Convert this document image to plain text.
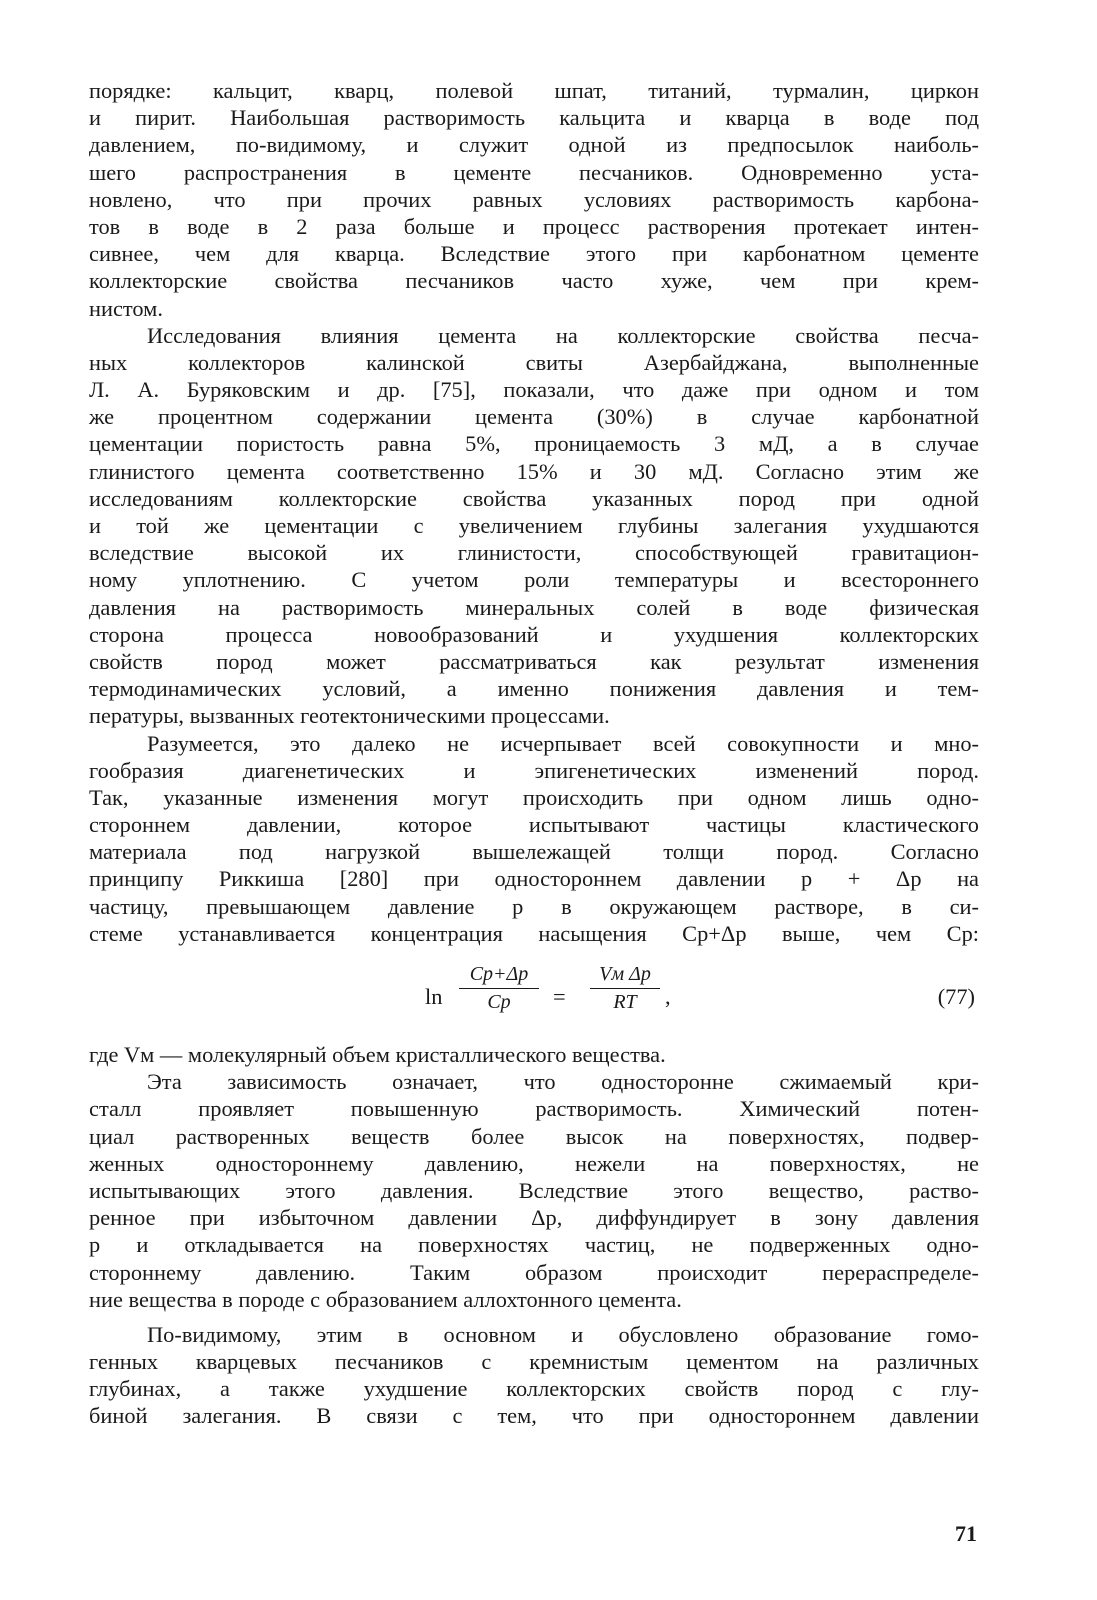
порядке: кальцит, кварц, полевой шпат, титаний, турмалин, циркон
и пирит. Наибольшая растворимость кальцита и кварца в воде под
давлением, по-видимому, и служит одной из предпосылок наиболь-
шего распространения в цементе песчаников. Одновременно уста-
новлено, что при прочих равных условиях растворимость карбона-
тов в воде в 2 раза больше и процесс растворения протекает интен-
сивнее, чем для кварца. Вследствие этого при карбонатном цементе
коллекторские свойства песчаников часто хуже, чем при крем-
нистом.
Исследования влияния цемента на коллекторские свойства песча-
ных коллекторов калинской свиты Азербайджана, выполненные
Л. А. Буряковским и др. [75], показали, что даже при одном и том
же процентном содержании цемента (30%) в случае карбонатной
цементации пористость равна 5%, проницаемость 3 мД, а в случае
глинистого цемента соответственно 15% и 30 мД. Согласно этим же
исследованиям коллекторские свойства указанных пород при одной
и той же цементации с увеличением глубины залегания ухудшаются
вследствие высокой их глинистости, способствующей гравитацион-
ному уплотнению. С учетом роли температуры и всестороннего
давления на растворимость минеральных солей в воде физическая
сторона процесса новообразований и ухудшения коллекторских
свойств пород может рассматриваться как результат изменения
термодинамических условий, а именно понижения давления и тем-
пературы, вызванных геотектоническими процессами.
Разумеется, это далеко не исчерпывает всей совокупности и мно-
гообразия диагенетических и эпигенетических изменений пород.
Так, указанные изменения могут происходить при одном лишь одно-
стороннем давлении, которое испытывают частицы кластического
материала под нагрузкой вышележащей толщи пород. Согласно
принципу Риккиша [280] при одностороннем давлении p + Δp на
частицу, превышающем давление p в окружающем растворе, в си-
стеме устанавливается концентрация насыщения Cp+Δp выше, чем Cp:
ln
Cp+Δp
Cp	=
Vм Δp
RT	,	(77)
где Vм — молекулярный объем кристаллического вещества.
Эта зависимость означает, что односторонне сжимаемый кри-
сталл проявляет повышенную растворимость. Химический потен-
циал растворенных веществ более высок на поверхностях, подвер-
женных одностороннему давлению, нежели на поверхностях, не
испытывающих этого давления. Вследствие этого вещество, раство-
ренное при избыточном давлении Δp, диффундирует в зону давления
p и откладывается на поверхностях частиц, не подверженных одно-
стороннему давлению. Таким образом происходит перераспределе-
ние вещества в породе с образованием аллохтонного цемента.
По-видимому, этим в основном и обусловлено образование гомо-
генных кварцевых песчаников с кремнистым цементом на различных
глубинах, а также ухудшение коллекторских свойств пород с глу-
биной залегания. В связи с тем, что при одностороннем давлении
71
